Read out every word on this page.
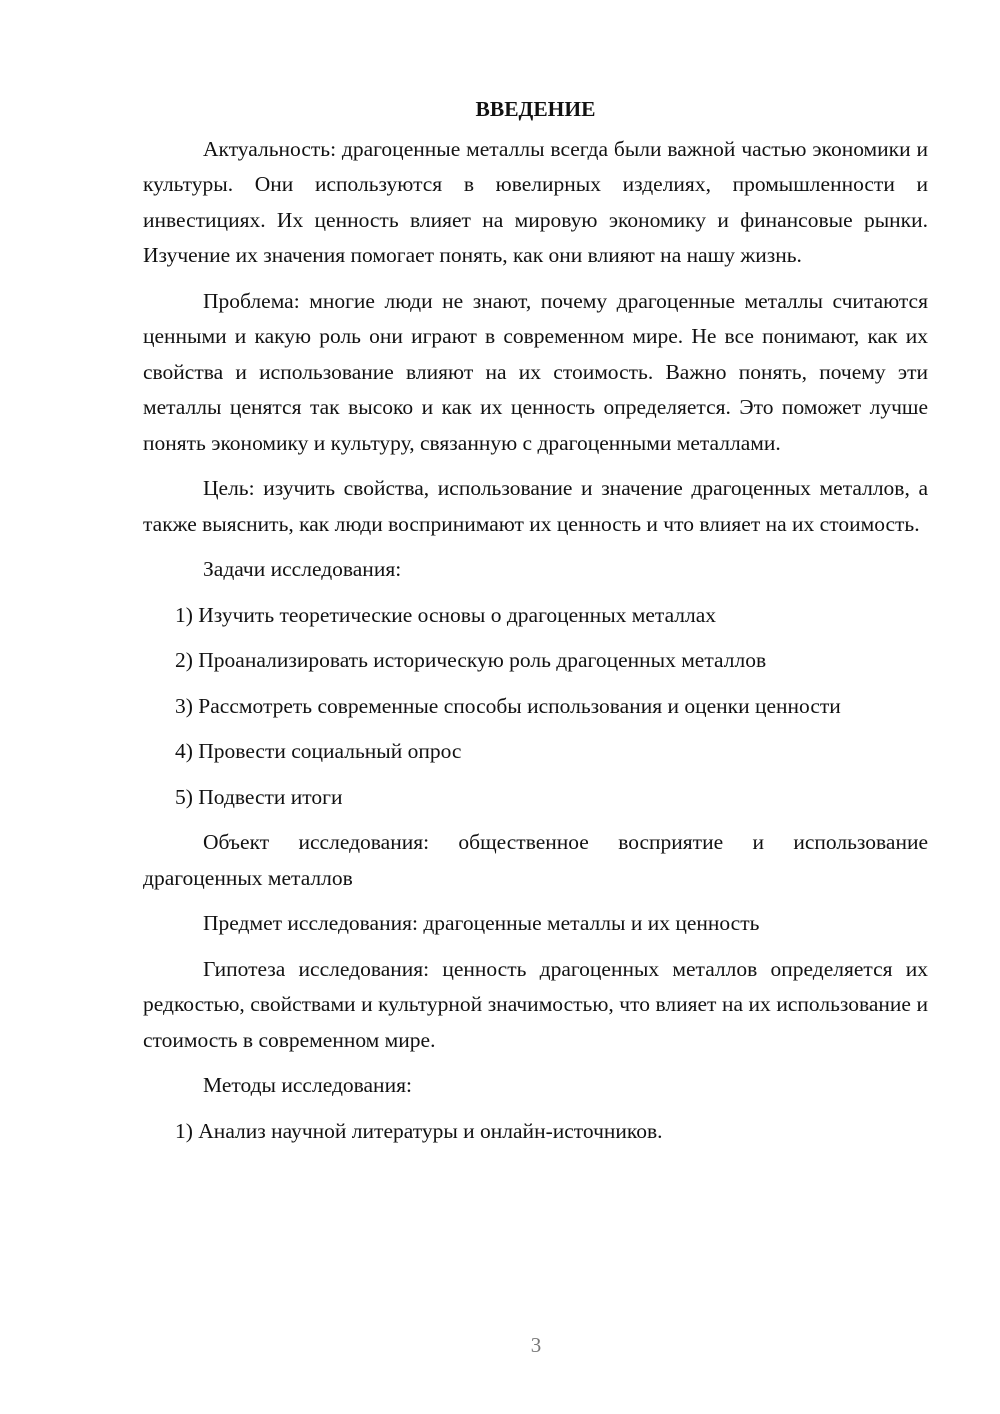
ВВЕДЕНИЕ

Актуальность: драгоценные металлы всегда были важной частью экономики и культуры. Они используются в ювелирных изделиях, промышленности и инвестициях. Их ценность влияет на мировую экономику и финансовые рынки. Изучение их значения помогает понять, как они влияют на нашу жизнь.

Проблема: многие люди не знают, почему драгоценные металлы считаются ценными и какую роль они играют в современном мире. Не все понимают, как их свойства и использование влияют на их стоимость. Важно понять, почему эти металлы ценятся так высоко и как их ценность определяется. Это поможет лучше понять экономику и культуру, связанную с драгоценными металлами.

Цель: изучить свойства, использование и значение драгоценных металлов, а также выяснить, как люди воспринимают их ценность и что влияет на их стоимость.

Задачи исследования:

1) Изучить теоретические основы о драгоценных металлах

2) Проанализировать историческую роль драгоценных металлов

3) Рассмотреть современные способы использования и оценки ценности

4) Провести социальный опрос

5) Подвести итоги

Объект исследования: общественное восприятие и использование драгоценных металлов

Предмет исследования: драгоценные металлы и их ценность

Гипотеза исследования: ценность драгоценных металлов определяется их редкостью, свойствами и культурной значимостью, что влияет на их использование и стоимость в современном мире.

Методы исследования:

1) Анализ научной литературы и онлайн-источников.

3
